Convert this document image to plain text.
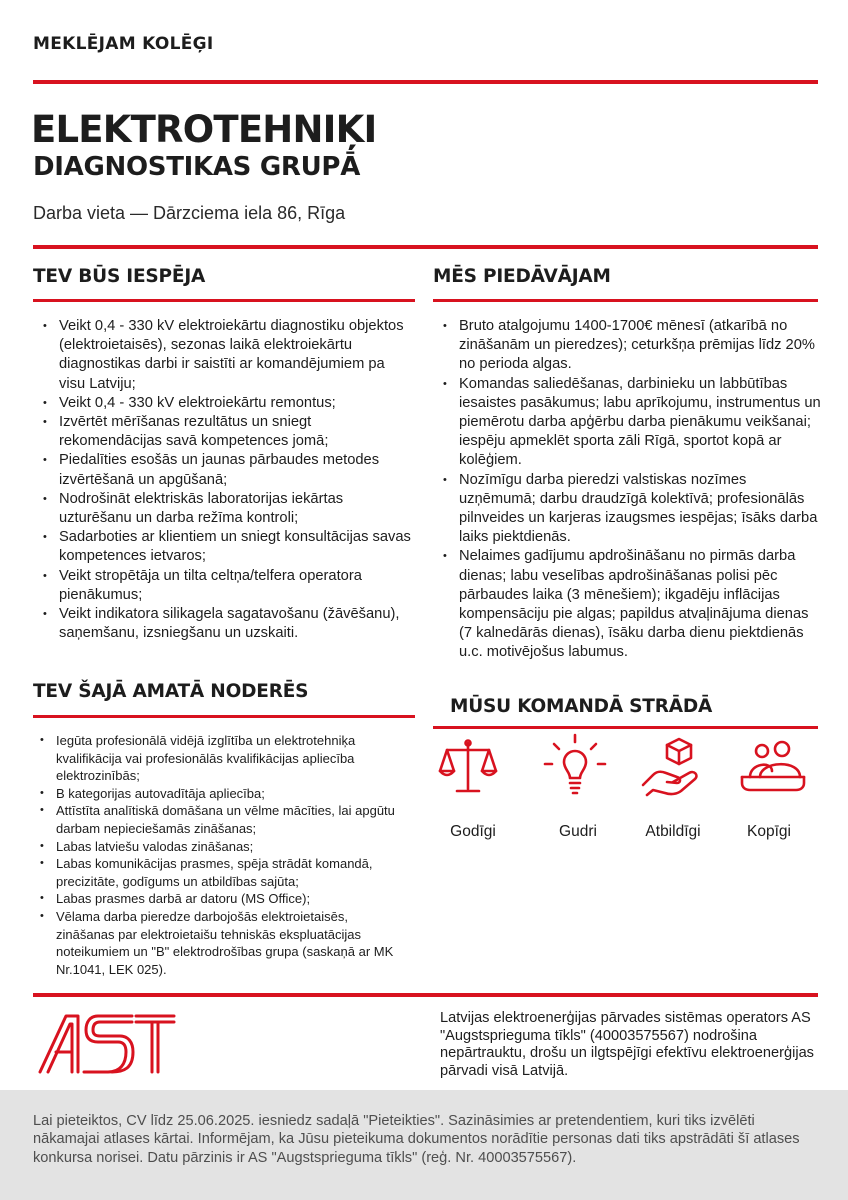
MEKLĒJAM KOLĒĢI
ELEKTROTEHNIĶI
DIAGNOSTIKAS GRUPĀ
Darba vieta — Dārzciema iela 86, Rīga
TEV BŪS IESPĒJA
• Veikt 0,4 - 330 kV elektroiekārtu diagnostiku objektos (elektroietaisēs), sezonas laikā elektroiekārtu diagnostikas darbi ir saistīti ar komandējumiem pa visu Latviju;
• Veikt 0,4 - 330 kV elektroiekārtu remontus;
• Izvērtēt mērīšanas rezultātus un sniegt rekomendācijas savā kompetences jomā;
• Piedalīties esošās un jaunas pārbaudes metodes izvērtēšanā un apgūšanā;
• Nodrošināt elektriskās laboratorijas iekārtas uzturēšanu un darba režīma kontroli;
• Sadarboties ar klientiem un sniegt konsultācijas savas kompetences ietvaros;
• Veikt stropētāja un tilta celtņa/telfera operatora pienākumus;
• Veikt indikatora silikagela sagatavošanu (žāvēšanu), saņemšanu, izsniegšanu un uzskaiti.
TEV ŠAJĀ AMATĀ NODERĒS
• Iegūta profesionālā vidējā izglītība un elektrotehniķa kvalifikācija vai profesionālās kvalifikācijas apliecība elektrozinībās;
• B kategorijas autovadītāja apliecība;
• Attīstīta analītiskā domāšana un vēlme mācīties, lai apgūtu darbam nepieciešamās zināšanas;
• Labas latviešu valodas zināšanas;
• Labas komunikācijas prasmes, spēja strādāt komandā, precizitāte, godīgums un atbildības sajūta;
• Labas prasmes darbā ar datoru (MS Office);
• Vēlama darba pieredze darbojošās elektroietaisēs, zināšanas par elektroietaišu tehniskās ekspluatācijas noteikumiem un "B" elektrodrošības grupa (saskaņā ar MK Nr.1041, LEK 025).
MĒS PIEDĀVĀJAM
• Bruto atalgojumu 1400-1700€ mēnesī (atkarībā no zināšanām un pieredzes); ceturkšņa prēmijas līdz 20% no perioda algas.
• Komandas saliedēšanas, darbinieku un labbūtības iesaistes pasākumus; labu aprīkojumu, instrumentus un piemērotu darba apģērbu darba pienākumu veikšanai; iespēju apmeklēt sporta zāli Rīgā, sportot kopā ar kolēģiem.
• Nozīmīgu darba pieredzi valstiskas nozīmes uzņēmumā; darbu draudzīgā kolektīvā; profesionālās pilnveides un karjeras izaugsmes iespējas; īsāks darba laiks piektdienās.
• Nelaimes gadījumu apdrošināšanu no pirmās darba dienas; labu veselības apdrošināšanas polisi pēc pārbaudes laika (3 mēnešiem); ikgadēju inflācijas kompensāciju pie algas; papildus atvaļinājuma dienas (7 kalnedārās dienas), īsāku darba dienu piektdienās u.c. motivējošus labumus.
MŪSU KOMANDĀ STRĀDĀ
Godīgi	Gudri	Atbildīgi	Kopīgi
Latvijas elektroenerģijas pārvades sistēmas operators AS "Augstsprieguma tīkls" (40003575567) nodrošina nepārtrauktu, drošu un ilgtspējīgi efektīvu elektroenerģijas pārvadi visā Latvijā.

Lai pieteiktos, CV līdz 25.06.2025. iesniedz sadaļā "Pieteikties". Sazināsimies ar pretendentiem, kuri tiks izvēlēti nākamajai atlases kārtai. Informējam, ka Jūsu pieteikuma dokumentos norādītie personas dati tiks apstrādāti šī atlases konkursa norisei. Datu pārzinis ir AS "Augstsprieguma tīkls" (reģ. Nr. 40003575567).
